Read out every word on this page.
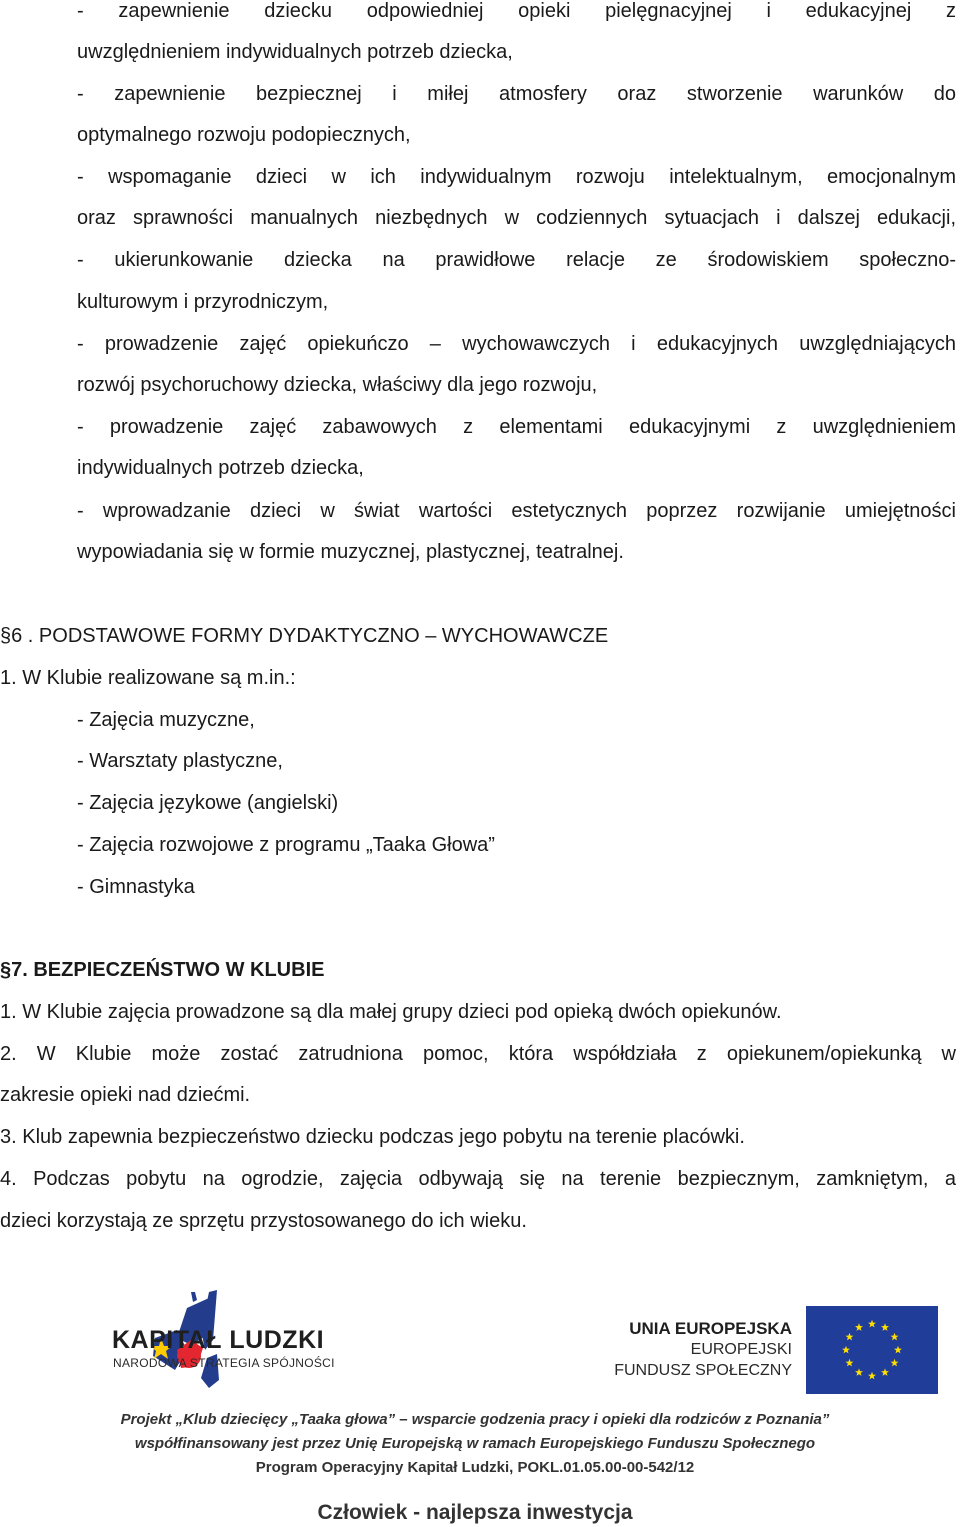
- zapewnienie dziecku odpowiedniej opieki pielęgnacyjnej i edukacyjnej z
uwzględnieniem indywidualnych potrzeb dziecka,
- zapewnienie bezpiecznej i miłej atmosfery oraz stworzenie warunków do
optymalnego rozwoju podopiecznych,
- wspomaganie dzieci w ich indywidualnym rozwoju intelektualnym, emocjonalnym
oraz sprawności manualnych niezbędnych w codziennych sytuacjach i dalszej edukacji,
- ukierunkowanie dziecka na prawidłowe relacje ze środowiskiem społeczno-
kulturowym i przyrodniczym,
- prowadzenie zajęć opiekuńczo – wychowawczych i edukacyjnych uwzględniających
rozwój psychoruchowy dziecka, właściwy dla jego rozwoju,
- prowadzenie zajęć zabawowych z elementami edukacyjnymi z uwzględnieniem
indywidualnych potrzeb dziecka,
- wprowadzanie dzieci w świat wartości estetycznych poprzez rozwijanie umiejętności
wypowiadania się w formie muzycznej, plastycznej, teatralnej.
§6 . PODSTAWOWE FORMY DYDAKTYCZNO – WYCHOWAWCZE
1. W Klubie realizowane są m.in.:
- Zajęcia muzyczne,
- Warsztaty plastyczne,
- Zajęcia językowe (angielski)
- Zajęcia rozwojowe z programu „Taaka Głowa”
- Gimnastyka
§7. BEZPIECZEŃSTWO W KLUBIE
1. W Klubie zajęcia prowadzone są dla małej grupy dzieci pod opieką dwóch opiekunów.
2. W Klubie może zostać zatrudniona pomoc, która współdziała z opiekunem/opiekunką w
zakresie opieki nad dziećmi.
3. Klub zapewnia bezpieczeństwo dziecku podczas jego pobytu na terenie placówki.
4. Podczas pobytu na ogrodzie, zajęcia odbywają się na terenie bezpiecznym, zamkniętym, a
dzieci korzystają ze sprzętu przystosowanego do ich wieku.
KAPITAŁ LUDZKI
NARODOWA STRATEGIA SPÓJNOŚCI
UNIA EUROPEJSKA
EUROPEJSKI
FUNDUSZ SPOŁECZNY
Projekt „Klub dziecięcy „Taaka głowa” – wsparcie godzenia pracy i opieki dla rodziców z Poznania”
współfinansowany jest przez Unię Europejską w ramach Europejskiego Funduszu Społecznego
Program Operacyjny Kapitał Ludzki, POKL.01.05.00-00-542/12
Człowiek - najlepsza inwestycja
